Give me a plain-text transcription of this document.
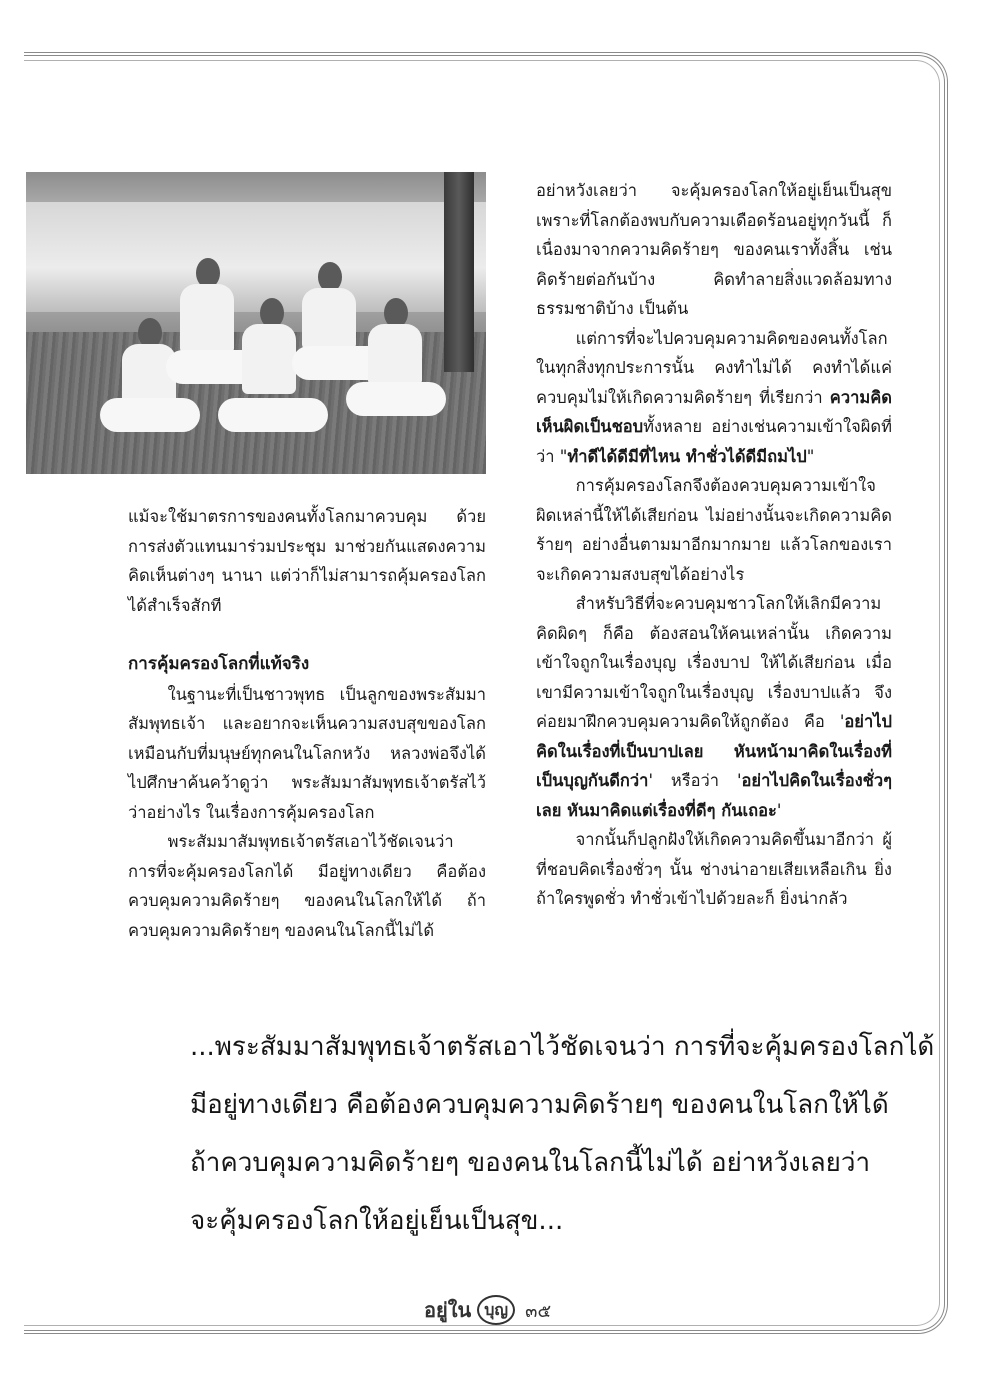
แม้จะใช้มาตรการของคนทั้งโลกมาควบคุม ด้วยการส่งตัวแทนมาร่วมประชุม มาช่วยกันแสดงความคิดเห็นต่างๆ นานา แต่ว่าก็ไม่สามารถคุ้มครองโลกได้สำเร็จสักที

การคุ้มครองโลกที่แท้จริง

ในฐานะที่เป็นชาวพุทธ เป็นลูกของพระสัมมาสัมพุทธเจ้า และอยากจะเห็นความสงบสุขของโลก เหมือนกับที่มนุษย์ทุกคนในโลกหวัง หลวงพ่อจึงได้ไปศึกษาค้นคว้าดูว่า พระสัมมาสัมพุทธเจ้าตรัสไว้ว่าอย่างไร ในเรื่องการคุ้มครองโลก

พระสัมมาสัมพุทธเจ้าตรัสเอาไว้ชัดเจนว่า การที่จะคุ้มครองโลกได้ มีอยู่ทางเดียว คือต้องควบคุมความคิดร้ายๆ ของคนในโลกให้ได้ ถ้าควบคุมความคิดร้ายๆ ของคนในโลกนี้ไม่ได้

อย่าหวังเลยว่า จะคุ้มครองโลกให้อยู่เย็นเป็นสุข เพราะที่โลกต้องพบกับความเดือดร้อนอยู่ทุกวันนี้ ก็เนื่องมาจากความคิดร้ายๆ ของคนเราทั้งสิ้น เช่น คิดร้ายต่อกันบ้าง คิดทำลายสิ่งแวดล้อมทางธรรมชาติบ้าง เป็นต้น

แต่การที่จะไปควบคุมความคิดของคนทั้งโลก ในทุกสิ่งทุกประการนั้น คงทำไม่ได้ คงทำได้แค่ควบคุมไม่ให้เกิดความคิดร้ายๆ ที่เรียกว่า ความคิดเห็นผิดเป็นชอบทั้งหลาย อย่างเช่นความเข้าใจผิดที่ว่า "ทำดีได้ดีมีที่ไหน ทำชั่วได้ดีมีถมไป"

การคุ้มครองโลกจึงต้องควบคุมความเข้าใจผิดเหล่านี้ให้ได้เสียก่อน ไม่อย่างนั้นจะเกิดความคิดร้ายๆ อย่างอื่นตามมาอีกมากมาย แล้วโลกของเราจะเกิดความสงบสุขได้อย่างไร

สำหรับวิธีที่จะควบคุมชาวโลกให้เลิกมีความคิดผิดๆ ก็คือ ต้องสอนให้คนเหล่านั้น เกิดความเข้าใจถูกในเรื่องบุญ เรื่องบาป ให้ได้เสียก่อน เมื่อเขามีความเข้าใจถูกในเรื่องบุญ เรื่องบาปแล้ว จึงค่อยมาฝึกควบคุมความคิดให้ถูกต้อง คือ 'อย่าไปคิดในเรื่องที่เป็นบาปเลย หันหน้ามาคิดในเรื่องที่เป็นบุญกันดีกว่า' หรือว่า 'อย่าไปคิดในเรื่องชั่วๆ เลย หันมาคิดแต่เรื่องที่ดีๆ กันเถอะ'

จากนั้นก็ปลูกฝังให้เกิดความคิดขึ้นมาอีกว่า ผู้ที่ชอบคิดเรื่องชั่วๆ นั้น ช่างน่าอายเสียเหลือเกิน ยิ่งถ้าใครพูดชั่ว ทำชั่วเข้าไปด้วยละก็ ยิ่งน่ากลัว

...พระสัมมาสัมพุทธเจ้าตรัสเอาไว้ชัดเจนว่า การที่จะคุ้มครองโลกได้
มีอยู่ทางเดียว คือต้องควบคุมความคิดร้ายๆ ของคนในโลกให้ได้
ถ้าควบคุมความคิดร้ายๆ ของคนในโลกนี้ไม่ได้ อย่าหวังเลยว่า
จะคุ้มครองโลกให้อยู่เย็นเป็นสุข...
อยู่ใน บุญ ๓๕
